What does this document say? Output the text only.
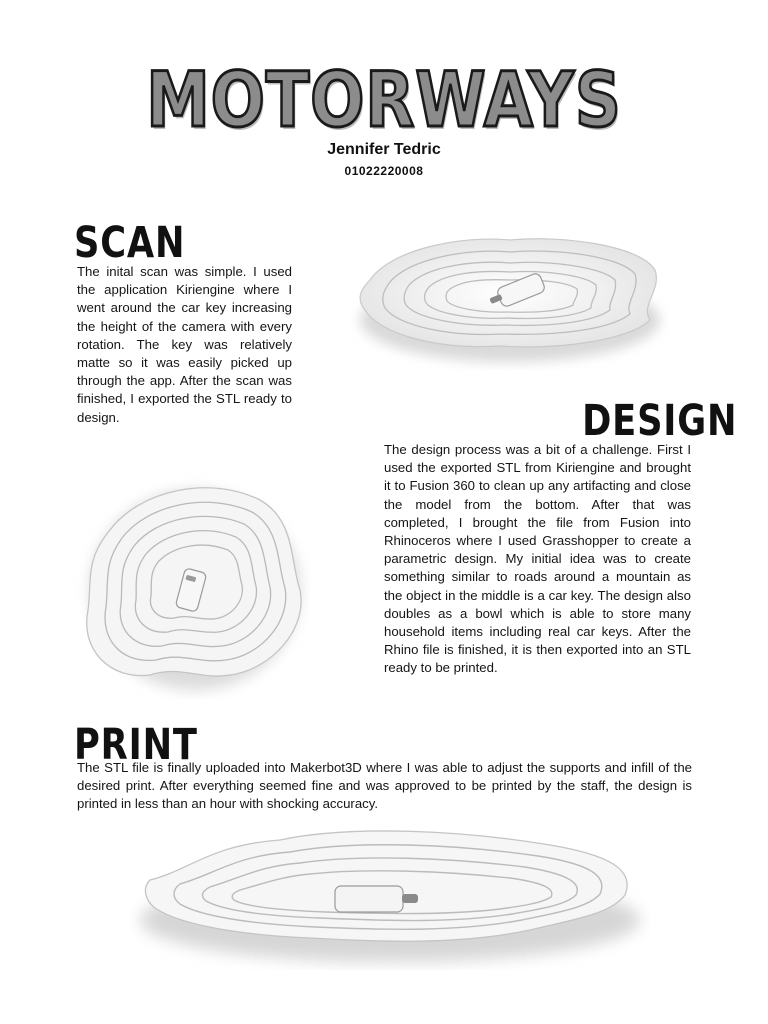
MOTORWAYS
Jennifer Tedric
01022220008
SCAN

The inital scan was simple. I used the application Kiriengine where I went around the car key increasing the height of the camera with every rotation. The key was relatively matte so it was easily picked up through the app. After the scan was finished, I exported the STL ready to design.	DESIGN

The design process was a bit of a challenge. First I used the exported STL from Kiriengine and brought it to Fusion 360 to clean up any artifacting and close the model from the bottom. After that was completed, I brought the file from Fusion into Rhinoceros where I used Grasshopper to create a parametric design. My initial idea was to create something similar to roads around a mountain as the object in the middle is a car key. The design also doubles as a bowl which is able to store many household items including real car keys. After the Rhino file is finished, it is then exported into an STL ready to be printed.

PRINT

The STL file is finally uploaded into Makerbot3D where I was able to adjust the supports and infill of the desired print. After everything seemed fine and was approved to be printed by the staff, the design is printed in less than an hour with shocking accuracy.
